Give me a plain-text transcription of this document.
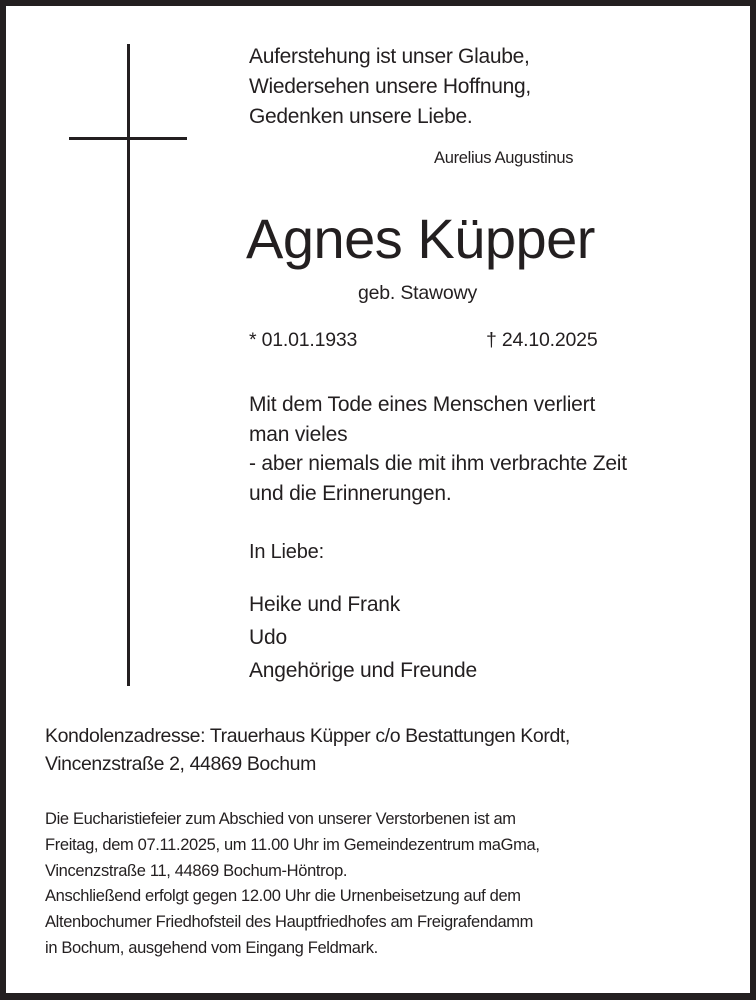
Auferstehung ist unser Glaube,
Wiedersehen unsere Hoffnung,
Gedenken unsere Liebe.
Aurelius Augustinus
Agnes Küpper
geb. Stawowy
* 01.01.1933	† 24.10.2025
Mit dem Tode eines Menschen verliert
man vieles
- aber niemals die mit ihm verbrachte Zeit
und die Erinnerungen.
In Liebe:
Heike und Frank
Udo
Angehörige und Freunde
Kondolenzadresse: Trauerhaus Küpper c/o Bestattungen Kordt,
Vincenzstraße 2, 44869 Bochum
Die Eucharistiefeier zum Abschied von unserer Verstorbenen ist am
Freitag, dem 07.11.2025, um 11.00 Uhr im Gemeindezentrum maGma,
Vincenzstraße 11, 44869 Bochum-Höntrop.
Anschließend erfolgt gegen 12.00 Uhr die Urnenbeisetzung auf dem
Altenbochumer Friedhofsteil des Hauptfriedhofes am Freigrafendamm
in Bochum, ausgehend vom Eingang Feldmark.
